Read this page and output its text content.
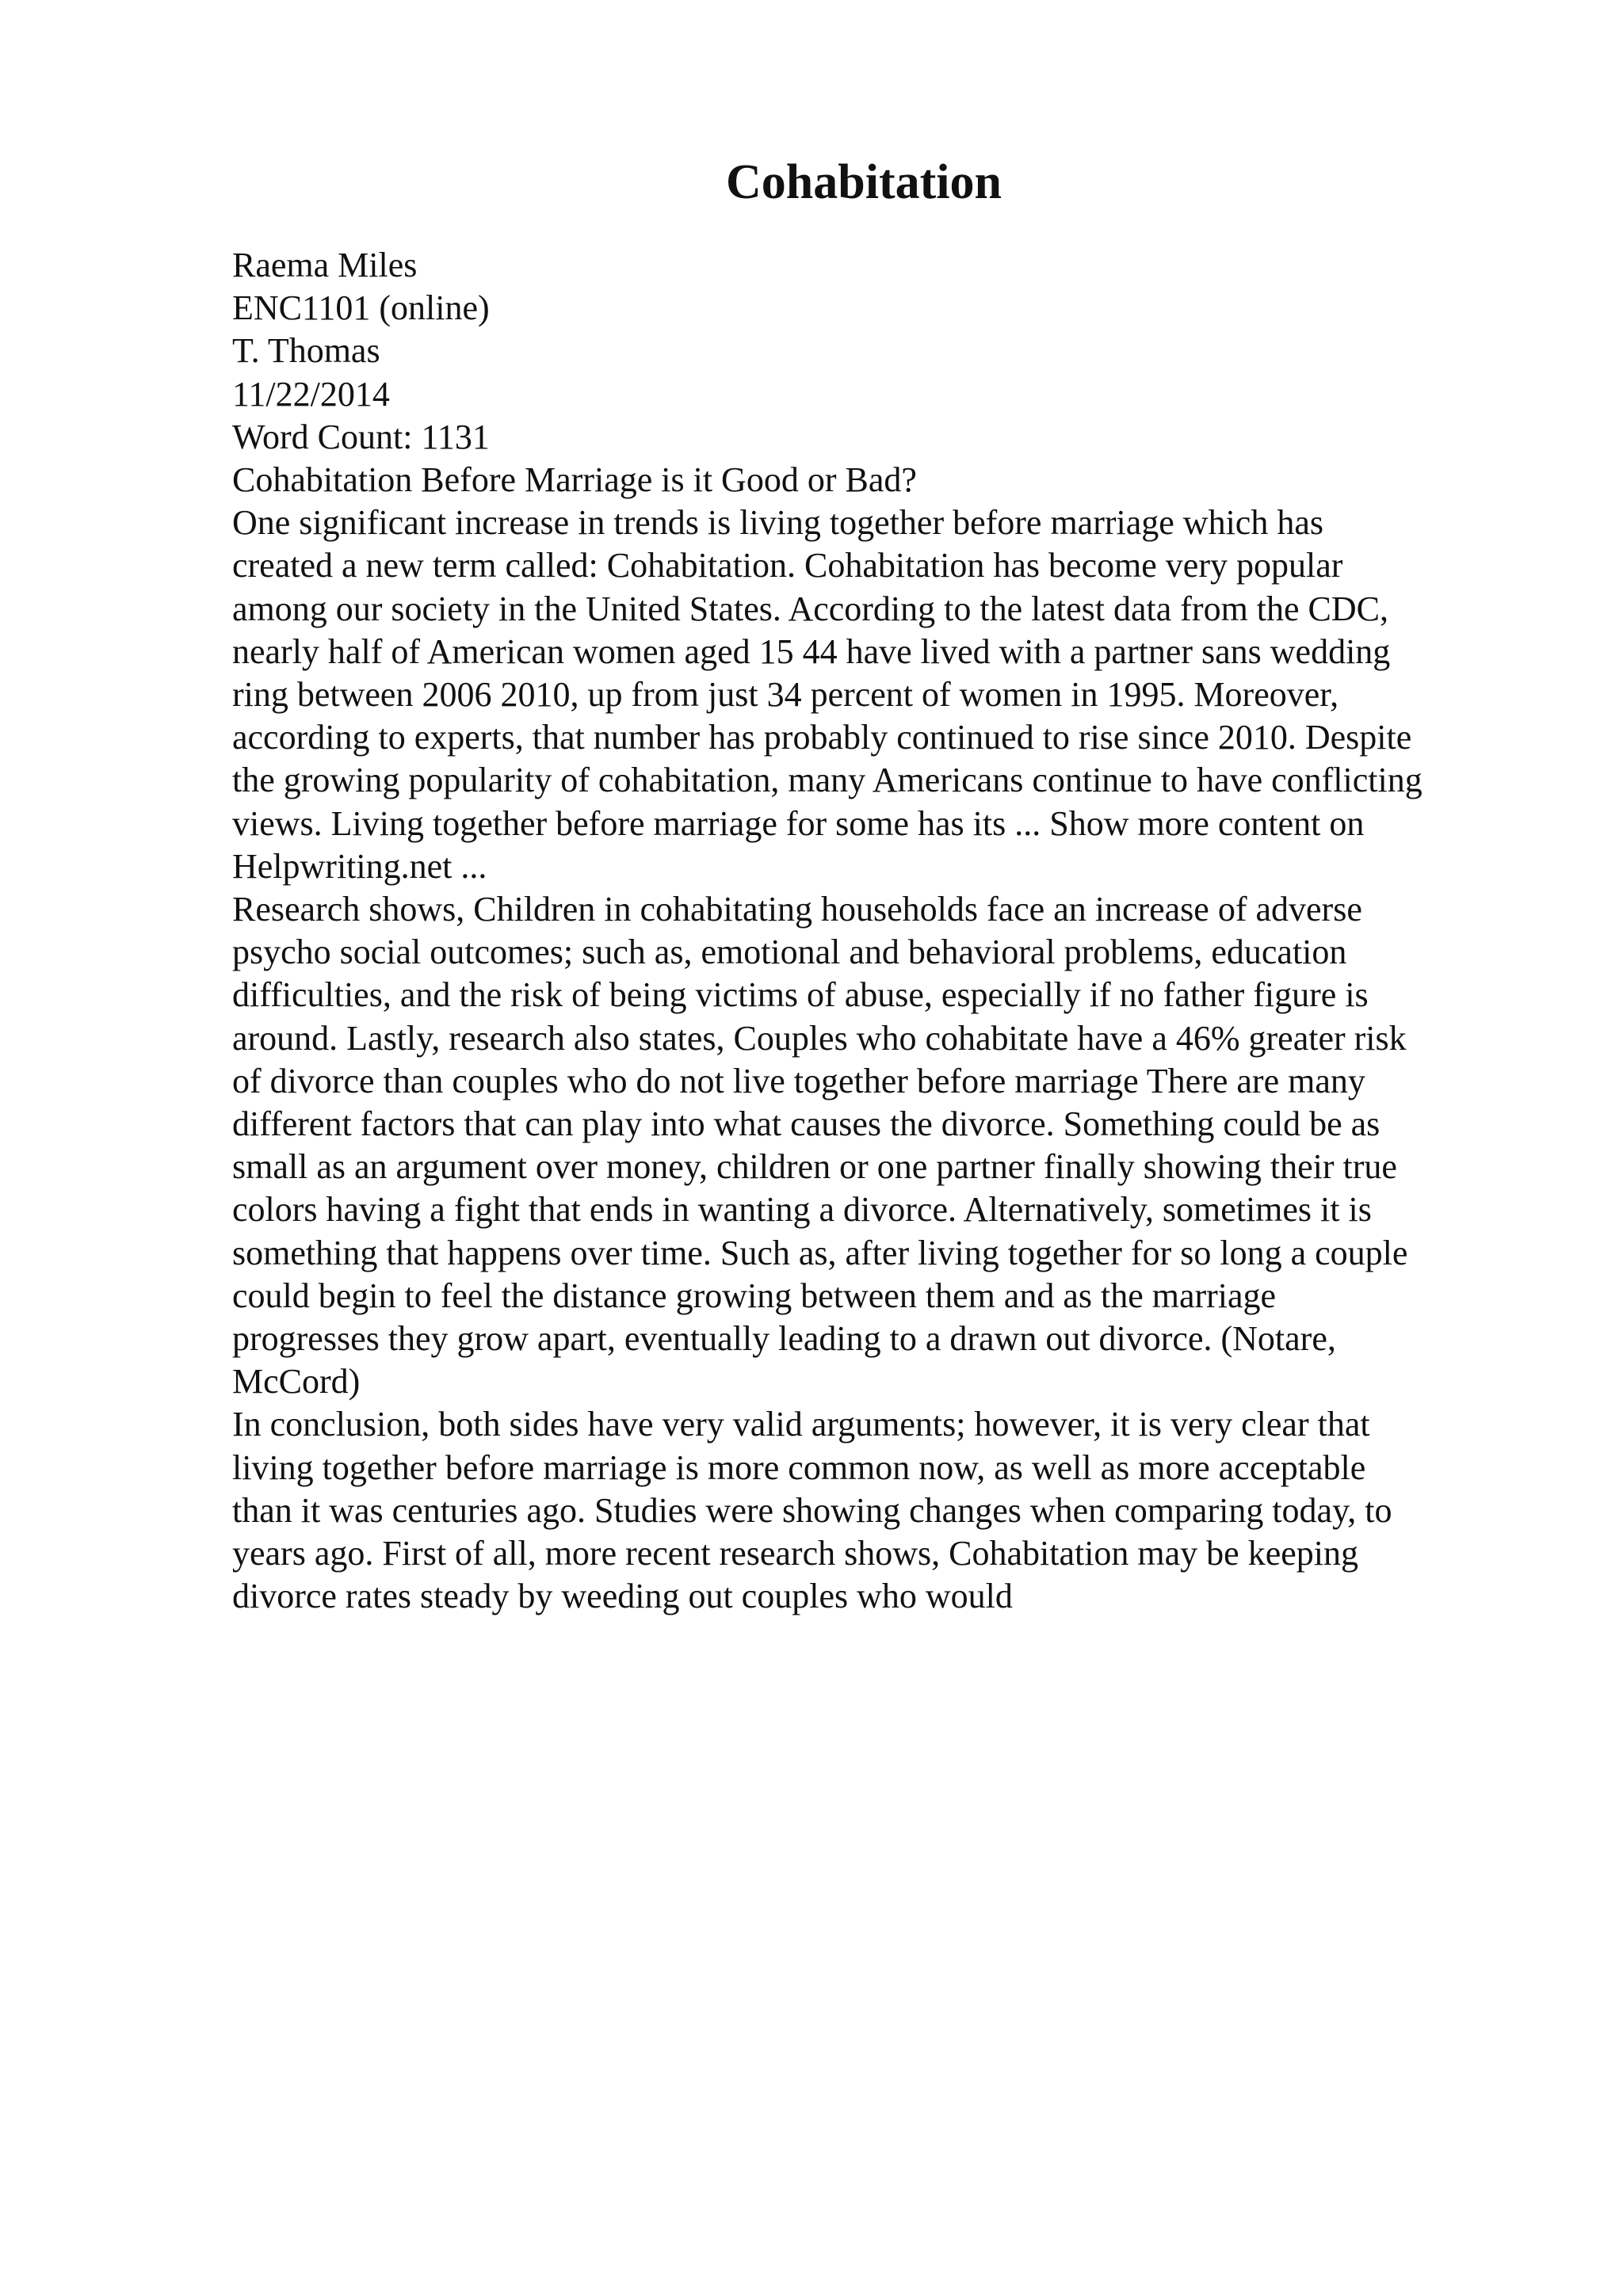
Cohabitation
Raema Miles
ENC1101 (online)
T. Thomas
11/22/2014
Word Count: 1131
Cohabitation Before Marriage is it Good or Bad?
One significant increase in trends is living together before marriage which has
created a new term called: Cohabitation. Cohabitation has become very popular
among our society in the United States. According to the latest data from the CDC,
nearly half of American women aged 15 44 have lived with a partner sans wedding
ring between 2006 2010, up from just 34 percent of women in 1995. Moreover,
according to experts, that number has probably continued to rise since 2010. Despite
the growing popularity of cohabitation, many Americans continue to have conflicting
views. Living together before marriage for some has its ... Show more content on
Helpwriting.net ...
Research shows, Children in cohabitating households face an increase of adverse
psycho social outcomes; such as, emotional and behavioral problems, education
difficulties, and the risk of being victims of abuse, especially if no father figure is
around. Lastly, research also states, Couples who cohabitate have a 46% greater risk
of divorce than couples who do not live together before marriage There are many
different factors that can play into what causes the divorce. Something could be as
small as an argument over money, children or one partner finally showing their true
colors having a fight that ends in wanting a divorce. Alternatively, sometimes it is
something that happens over time. Such as, after living together for so long a couple
could begin to feel the distance growing between them and as the marriage
progresses they grow apart, eventually leading to a drawn out divorce. (Notare,
McCord)
In conclusion, both sides have very valid arguments; however, it is very clear that
living together before marriage is more common now, as well as more acceptable
than it was centuries ago. Studies were showing changes when comparing today, to
years ago. First of all, more recent research shows, Cohabitation may be keeping
divorce rates steady by weeding out couples who would
